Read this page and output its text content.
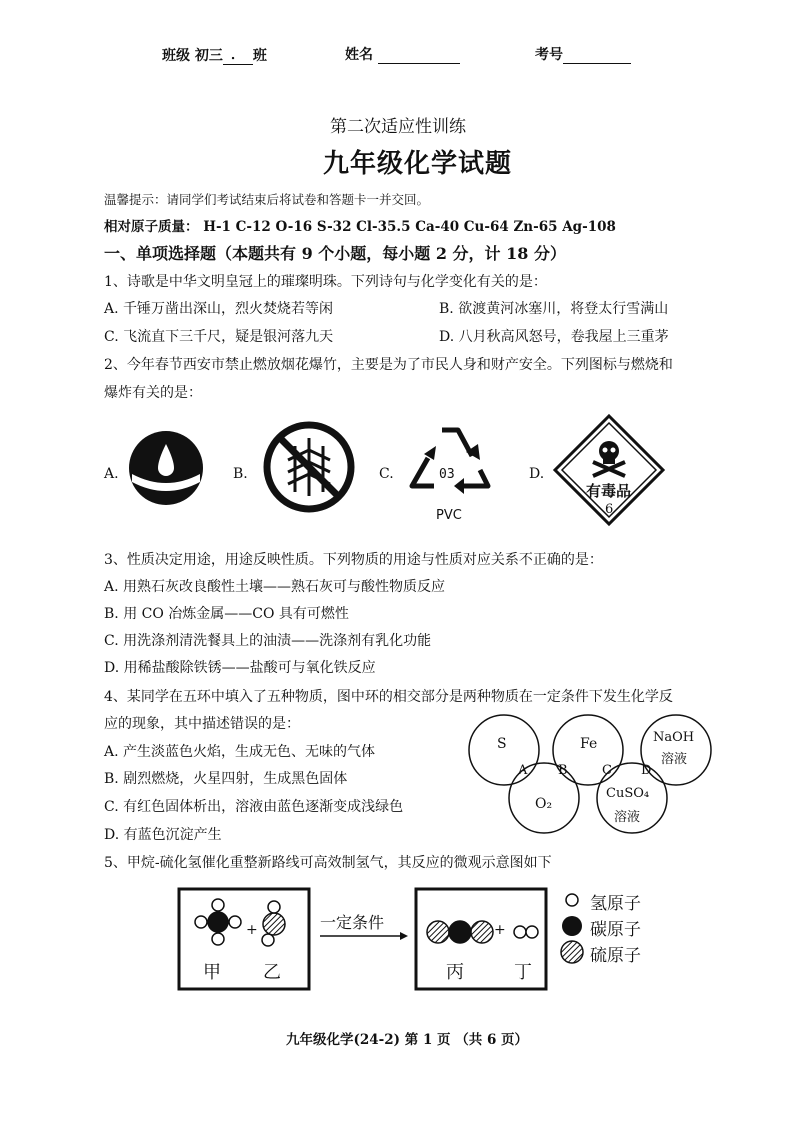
班级 初三 ． 班	姓名	考号
第二次适应性训练
九年级化学试题
温馨提示：请同学们考试结束后将试卷和答题卡一并交回。
相对原子质量： H-1 C-12 O-16 S-32 Cl-35.5 Ca-40 Cu-64 Zn-65 Ag-108
一、单项选择题（本题共有 9 个小题，每小题 2 分，计 18 分）
1、诗歌是中华文明皇冠上的璀璨明珠。下列诗句与化学变化有关的是：
A. 千锤万凿出深山，烈火焚烧若等闲	B. 欲渡黄河冰塞川，将登太行雪满山
C. 飞流直下三千尺，疑是银河落九天	D. 八月秋高风怒号，卷我屋上三重茅
2、今年春节西安市禁止燃放烟花爆竹，主要是为了市民人身和财产安全。下列图标与燃烧和
爆炸有关的是：
A.	B.	C.	03
PVC
D.
有毒品
6
3、性质决定用途，用途反映性质。下列物质的用途与性质对应关系不正确的是：
A. 用熟石灰改良酸性土壤——熟石灰可与酸性物质反应
B. 用 CO 冶炼金属——CO 具有可燃性
C. 用洗涤剂清洗餐具上的油渍——洗涤剂有乳化功能
D. 用稀盐酸除铁锈——盐酸可与氧化铁反应
4、某同学在五环中填入了五种物质，图中环的相交部分是两种物质在一定条件下发生化学反
应的现象，其中描述错误的是：
A. 产生淡蓝色火焰，生成无色、无味的气体
B. 剧烈燃烧，火星四射，生成黑色固体
C. 有红色固体析出，溶液由蓝色逐渐变成浅绿色
D. 有蓝色沉淀产生
S	Fe	NaOH
溶液
O₂
CuSO₄
溶液
A B	C D
5、甲烷-硫化氢催化重整新路线可高效制氢气，其反应的微观示意图如下
+	一定条件
甲 乙
+
丙	丁
氢原子
碳原子
硫原子
九年级化学(24-2) 第 1 页 （共 6 页）
